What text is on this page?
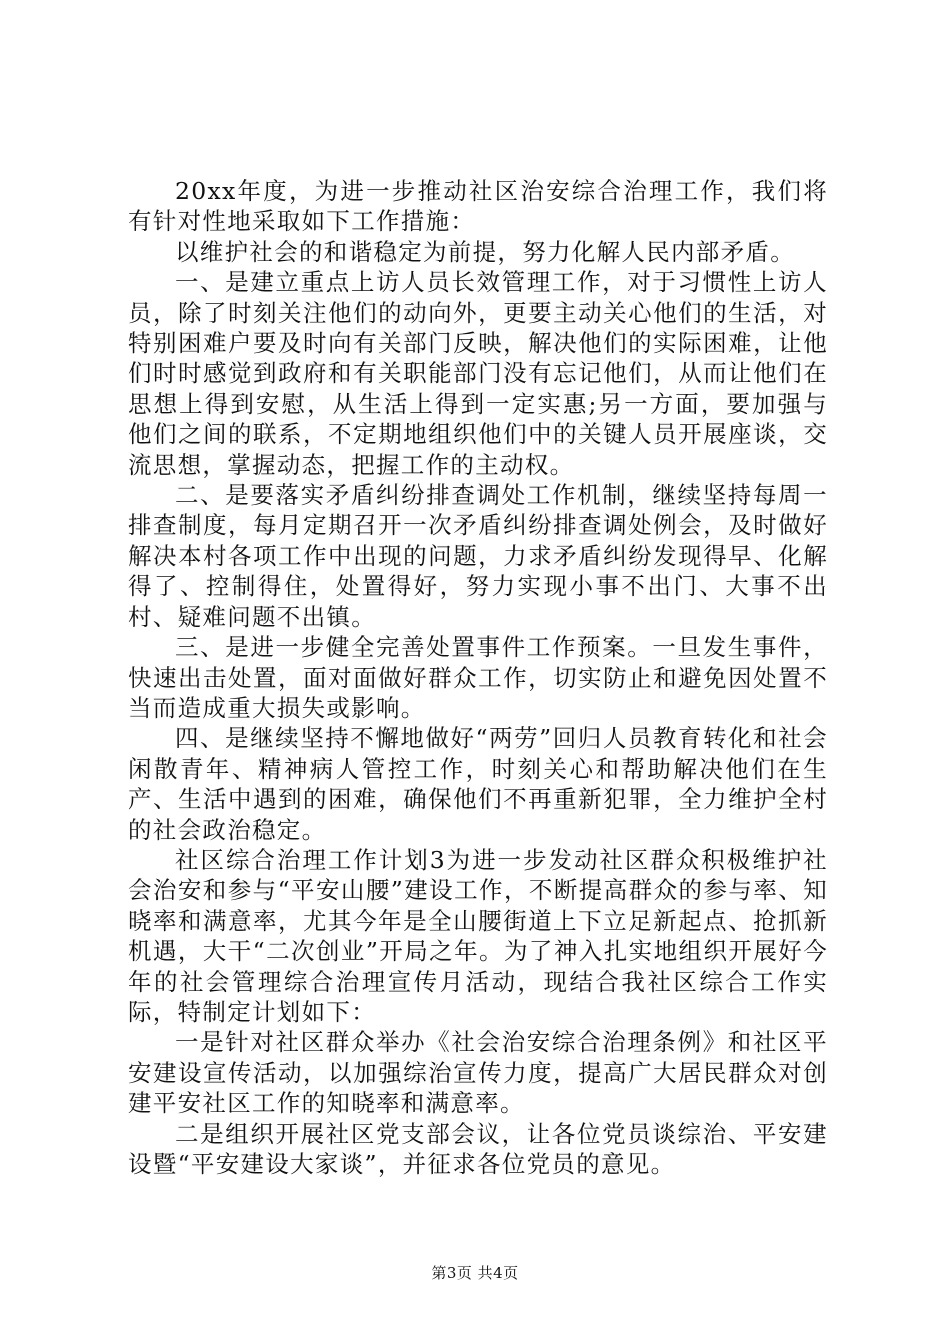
20xx年度，为进一步推动社区治安综合治理工作，我们将有针对性地采取如下工作措施：

以维护社会的和谐稳定为前提，努力化解人民内部矛盾。

一、是建立重点上访人员长效管理工作，对于习惯性上访人员，除了时刻关注他们的动向外，更要主动关心他们的生活，对特别困难户要及时向有关部门反映，解决他们的实际困难，让他们时时感觉到政府和有关职能部门没有忘记他们，从而让他们在思想上得到安慰，从生活上得到一定实惠;另一方面，要加强与他们之间的联系，不定期地组织他们中的关键人员开展座谈，交流思想，掌握动态，把握工作的主动权。

二、是要落实矛盾纠纷排查调处工作机制，继续坚持每周一排查制度，每月定期召开一次矛盾纠纷排查调处例会，及时做好解决本村各项工作中出现的问题，力求矛盾纠纷发现得早、化解得了、控制得住，处置得好，努力实现小事不出门、大事不出村、疑难问题不出镇。

三、是进一步健全完善处置事件工作预案。一旦发生事件，快速出击处置，面对面做好群众工作，切实防止和避免因处置不当而造成重大损失或影响。

四、是继续坚持不懈地做好“两劳”回归人员教育转化和社会闲散青年、精神病人管控工作，时刻关心和帮助解决他们在生产、生活中遇到的困难，确保他们不再重新犯罪，全力维护全村的社会政治稳定。

社区综合治理工作计划3为进一步发动社区群众积极维护社会治安和参与“平安山腰”建设工作，不断提高群众的参与率、知晓率和满意率，尤其今年是全山腰街道上下立足新起点、抢抓新机遇，大干“二次创业”开局之年。为了神入扎实地组织开展好今年的社会管理综合治理宣传月活动，现结合我社区综合工作实际，特制定计划如下：

一是针对社区群众举办《社会治安综合治理条例》和社区平安建设宣传活动，以加强综治宣传力度，提高广大居民群众对创建平安社区工作的知晓率和满意率。

二是组织开展社区党支部会议，让各位党员谈综治、平安建设暨“平安建设大家谈”，并征求各位党员的意见。

第3页 共4页
